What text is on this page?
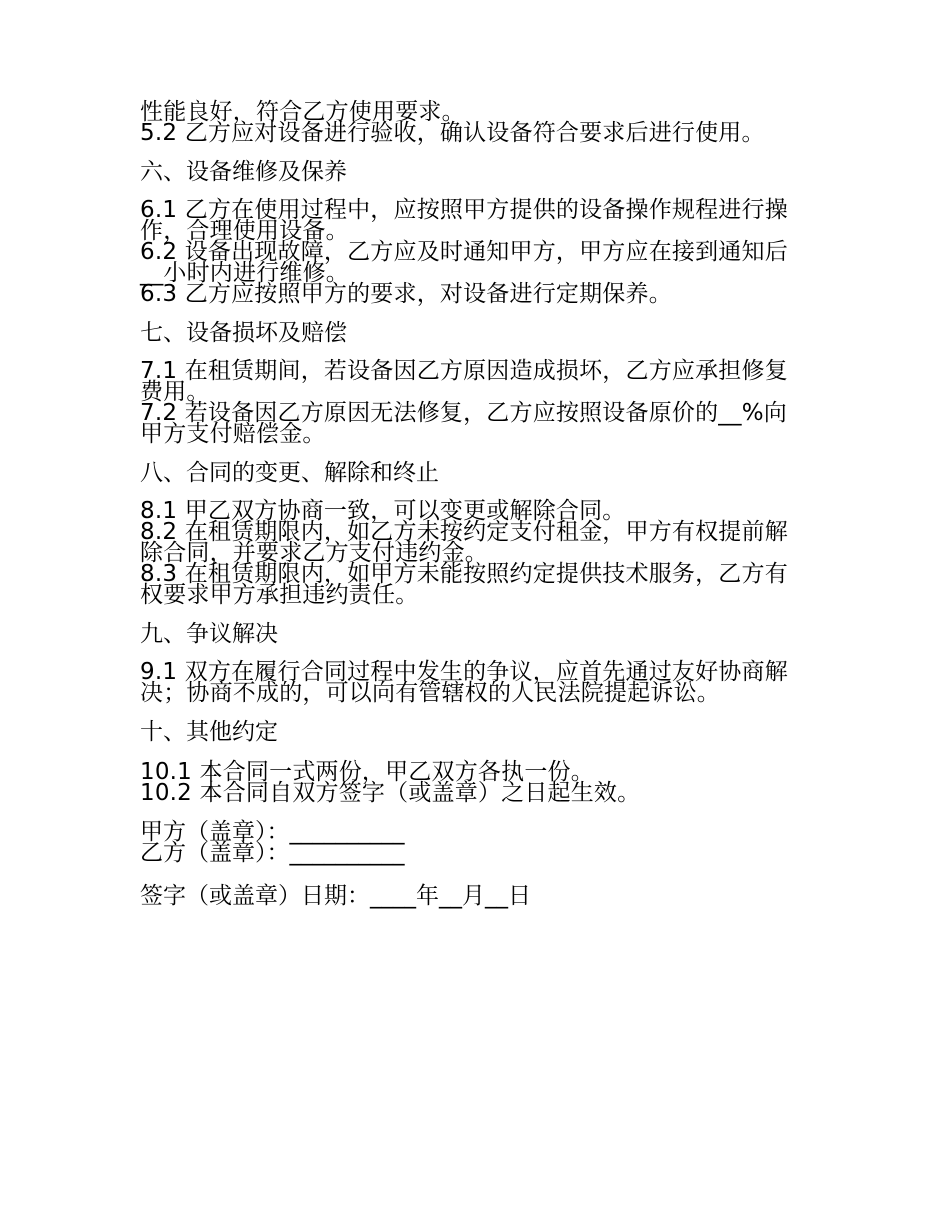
性能良好，符合乙方使用要求。

5.2 乙方应对设备进行验收，确认设备符合要求后进行使用。

六、设备维修及保养

6.1 乙方在使用过程中，应按照甲方提供的设备操作规程进行操作，合理使用设备。

6.2 设备出现故障，乙方应及时通知甲方，甲方应在接到通知后__小时内进行维修。

6.3 乙方应按照甲方的要求，对设备进行定期保养。

七、设备损坏及赔偿

7.1 在租赁期间，若设备因乙方原因造成损坏，乙方应承担修复费用。

7.2 若设备因乙方原因无法修复，乙方应按照设备原价的__%向甲方支付赔偿金。

八、合同的变更、解除和终止

8.1 甲乙双方协商一致，可以变更或解除合同。

8.2 在租赁期限内，如乙方未按约定支付租金，甲方有权提前解除合同，并要求乙方支付违约金。

8.3 在租赁期限内，如甲方未能按照约定提供技术服务，乙方有权要求甲方承担违约责任。

九、争议解决

9.1 双方在履行合同过程中发生的争议，应首先通过友好协商解决；协商不成的，可以向有管辖权的人民法院提起诉讼。

十、其他约定

10.1 本合同一式两份，甲乙双方各执一份。

10.2 本合同自双方签字（或盖章）之日起生效。

甲方（盖章）：__________

乙方（盖章）：__________

签字（或盖章）日期：____年__月__日
